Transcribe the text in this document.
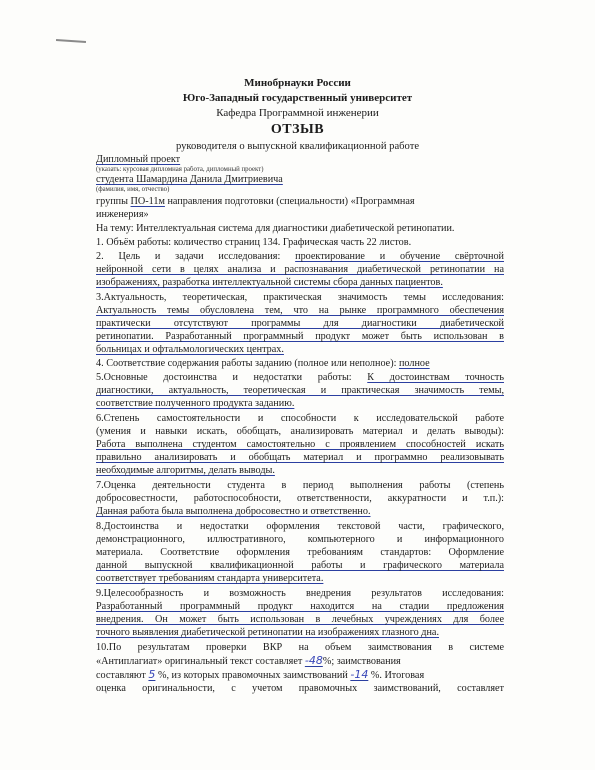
Минобрнауки России
Юго-Западный государственный университет
Кафедра Программной инженерии
ОТЗЫВ
руководителя о выпускной квалификационной работе
Дипломный проект
(указать: курсовая дипломная работа, дипломный проект)
студента Шамардина Данила Дмитриевича
(фамилия, имя, отчество)
группы ПО-11м направления подготовки (специальности) «Программная
инженерия»
На тему: Интеллектуальная система для диагностики диабетической ретинопатии.
1. Объём работы: количество страниц 134. Графическая часть 22 листов.
2. Цель и задачи исследования: проектирование и обучение свёрточной
нейронной сети в целях анализа и распознавания диабетической ретинопатии на
изображениях, разработка интеллектуальной системы сбора данных пациентов.
3.Актуальность, теоретическая, практическая значимость темы исследования:
Актуальность темы обусловлена тем, что на рынке программного обеспечения
практически отсутствуют программы для диагностики диабетической
ретинопатии. Разработанный программный продукт может быть использован в
больницах и офтальмологических центрах.
4. Соответствие содержания работы заданию (полное или неполное): полное
5.Основные достоинства и недостатки работы: К достоинствам точность
диагностики, актуальность, теоретическая и практическая значимость темы,
соответствие полученного продукта заданию.
6.Степень самостоятельности и способности к исследовательской работе
(умения и навыки искать, обобщать, анализировать материал и делать выводы):
Работа выполнена студентом самостоятельно с проявлением способностей искать
правильно анализировать и обобщать материал и программно реализовывать
необходимые алгоритмы, делать выводы.
7.Оценка деятельности студента в период выполнения работы (степень
добросовестности, работоспособности, ответственности, аккуратности и т.п.):
Данная работа была выполнена добросовестно и ответственно.
8.Достоинства и недостатки оформления текстовой части, графического,
демонстрационного, иллюстративного, компьютерного и информационного
материала. Соответствие оформления требованиям стандартов: Оформление
данной выпускной квалификационной работы и графического материала
соответствует требованиям стандарта университета.
9.Целесообразность и возможность внедрения результатов исследования:
Разработанный программный продукт находится на стадии предложения
внедрения. Он может быть использован в лечебных учреждениях для более
точного выявления диабетической ретинопатии на изображениях глазного дна.
10.По результатам проверки ВКР на объем заимствования в системе
«Антиплагиат» оригинальный текст составляет -48%; заимствования
составляют 5 %, из которых правомочных заимствований -14 %. Итоговая
оценка оригинальности, с учетом правомочных заимствований, составляет
